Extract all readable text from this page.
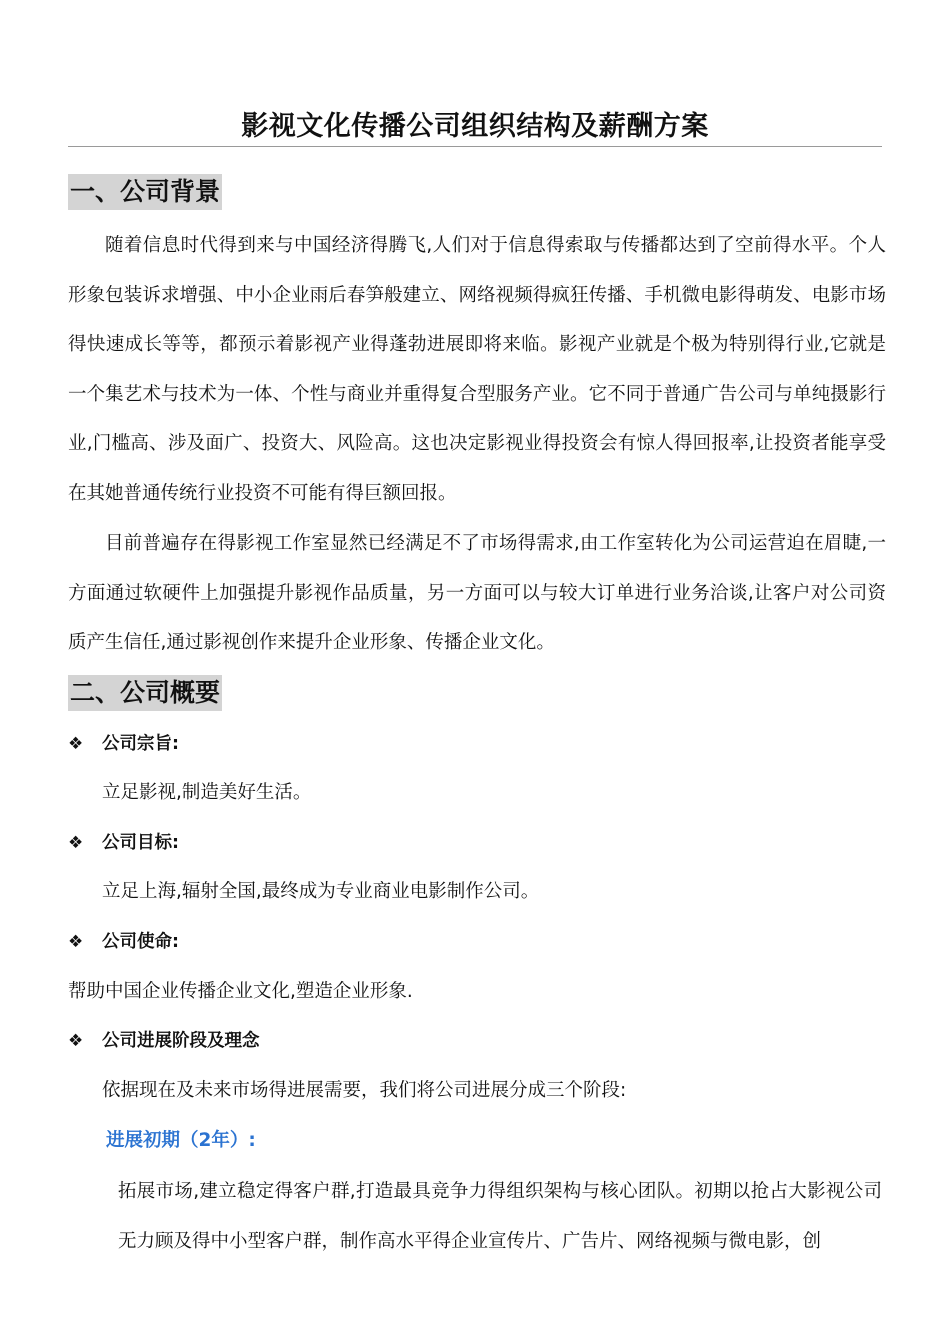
影视文化传播公司组织结构及薪酬方案
一、公司背景

随着信息时代得到来与中国经济得腾飞,人们对于信息得索取与传播都达到了空前得水平。个人形象包装诉求增强、中小企业雨后春笋般建立、网络视频得疯狂传播、手机微电影得萌发、电影市场得快速成长等等，都预示着影视产业得蓬勃进展即将来临。影视产业就是个极为特别得行业,它就是一个集艺术与技术为一体、个性与商业并重得复合型服务产业。它不同于普通广告公司与单纯摄影行业,门槛高、涉及面广、投资大、风险高。这也决定影视业得投资会有惊人得回报率,让投资者能享受在其她普通传统行业投资不可能有得巨额回报。

目前普遍存在得影视工作室显然已经满足不了市场得需求,由工作室转化为公司运营迫在眉睫,一方面通过软硬件上加强提升影视作品质量，另一方面可以与较大订单进行业务洽谈,让客户对公司资质产生信任,通过影视创作来提升企业形象、传播企业文化。

二、公司概要
❖ 公司宗旨:
立足影视,制造美好生活。
❖ 公司目标:
立足上海,辐射全国,最终成为专业商业电影制作公司。
❖ 公司使命:
帮助中国企业传播企业文化,塑造企业形象.
❖ 公司进展阶段及理念
依据现在及未来市场得进展需要，我们将公司进展分成三个阶段:
进展初期（2年）:

拓展市场,建立稳定得客户群,打造最具竞争力得组织架构与核心团队。初期以抢占大影视公司无力顾及得中小型客户群，制作高水平得企业宣传片、广告片、网络视频与微电影，创
